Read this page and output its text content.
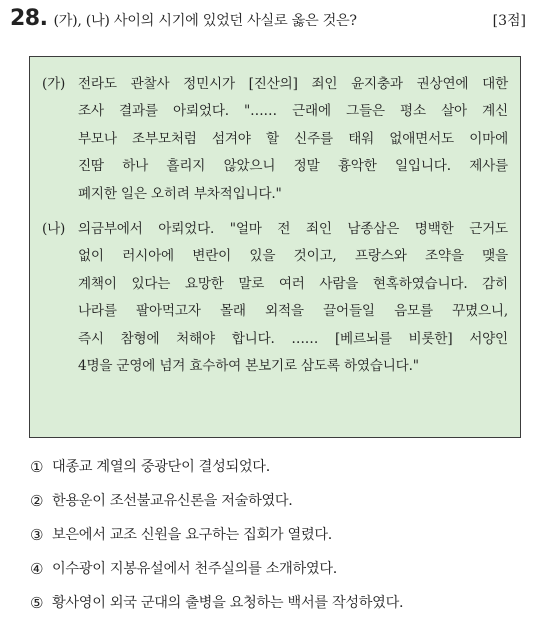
28. (가), (나) 사이의 시기에 있었던 사실로 옳은 것은?	[3점]
(가) 전라도 관찰사 정민시가 [진산의] 죄인 윤지충과 권상연에 대한
조사 결과를 아뢰었다. "…… 근래에 그들은 평소 살아 계신
부모나 조부모처럼 섬겨야 할 신주를 태워 없애면서도 이마에
진땀 하나 흘리지 않았으니 정말 흉악한 일입니다. 제사를
폐지한 일은 오히려 부차적입니다."
(나) 의금부에서 아뢰었다. "얼마 전 죄인 남종삼은 명백한 근거도
없이 러시아에 변란이 있을 것이고, 프랑스와 조약을 맺을
계책이 있다는 요망한 말로 여러 사람을 현혹하였습니다. 감히
나라를 팔아먹고자 몰래 외적을 끌어들일 음모를 꾸몄으니,
즉시 참형에 처해야 합니다. …… [베르뇌를 비롯한] 서양인
4명을 군영에 넘겨 효수하여 본보기로 삼도록 하였습니다."
① 대종교 계열의 중광단이 결성되었다.
② 한용운이 조선불교유신론을 저술하였다.
③ 보은에서 교조 신원을 요구하는 집회가 열렸다.
④ 이수광이 지봉유설에서 천주실의를 소개하였다.
⑤ 황사영이 외국 군대의 출병을 요청하는 백서를 작성하였다.
